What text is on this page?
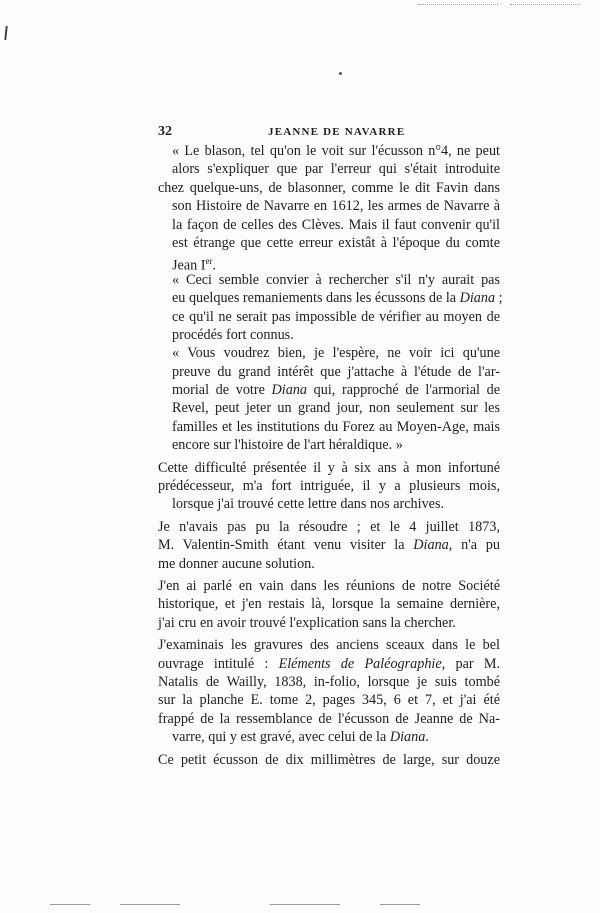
32	JEANNE DE NAVARRE
« Le blason, tel qu'on le voit sur l'écusson n°4, ne peut
alors s'expliquer que par l'erreur qui s'était introduite
chez quelque-uns, de blasonner, comme le dit Favin dans
son Histoire de Navarre en 1612, les armes de Navarre à
la façon de celles des Clèves. Mais il faut convenir qu'il
est étrange que cette erreur existât à l'époque du comte
Jean Ier.
« Ceci semble convier à rechercher s'il n'y aurait pas
eu quelques remaniements dans les écussons de la Diana ;
ce qu'il ne serait pas impossible de vérifier au moyen de
procédés fort connus.
« Vous voudrez bien, je l'espère, ne voir ici qu'une
preuve du grand intérêt que j'attache à l'étude de l'ar-
morial de votre Diana qui, rapproché de l'armorial de
Revel, peut jeter un grand jour, non seulement sur les
familles et les institutions du Forez au Moyen-Age, mais
encore sur l'histoire de l'art héraldique. »
Cette difficulté présentée il y à six ans à mon infortuné
prédécesseur, m'a fort intriguée, il y a plusieurs mois,
lorsque j'ai trouvé cette lettre dans nos archives.
Je n'avais pas pu la résoudre ; et le 4 juillet 1873,
M. Valentin-Smith étant venu visiter la Diana, n'a pu
me donner aucune solution.
J'en ai parlé en vain dans les réunions de notre Société
historique, et j'en restais là, lorsque la semaine dernière,
j'ai cru en avoir trouvé l'explication sans la chercher.
J'examinais les gravures des anciens sceaux dans le bel
ouvrage intitulé : Eléments de Paléographie, par M.
Natalis de Wailly, 1838, in-folio, lorsque je suis tombé
sur la planche E. tome 2, pages 345, 6 et 7, et j'ai été
frappé de la ressemblance de l'écusson de Jeanne de Na-
varre, qui y est gravé, avec celui de la Diana.
Ce petit écusson de dix millimètres de large, sur douze
